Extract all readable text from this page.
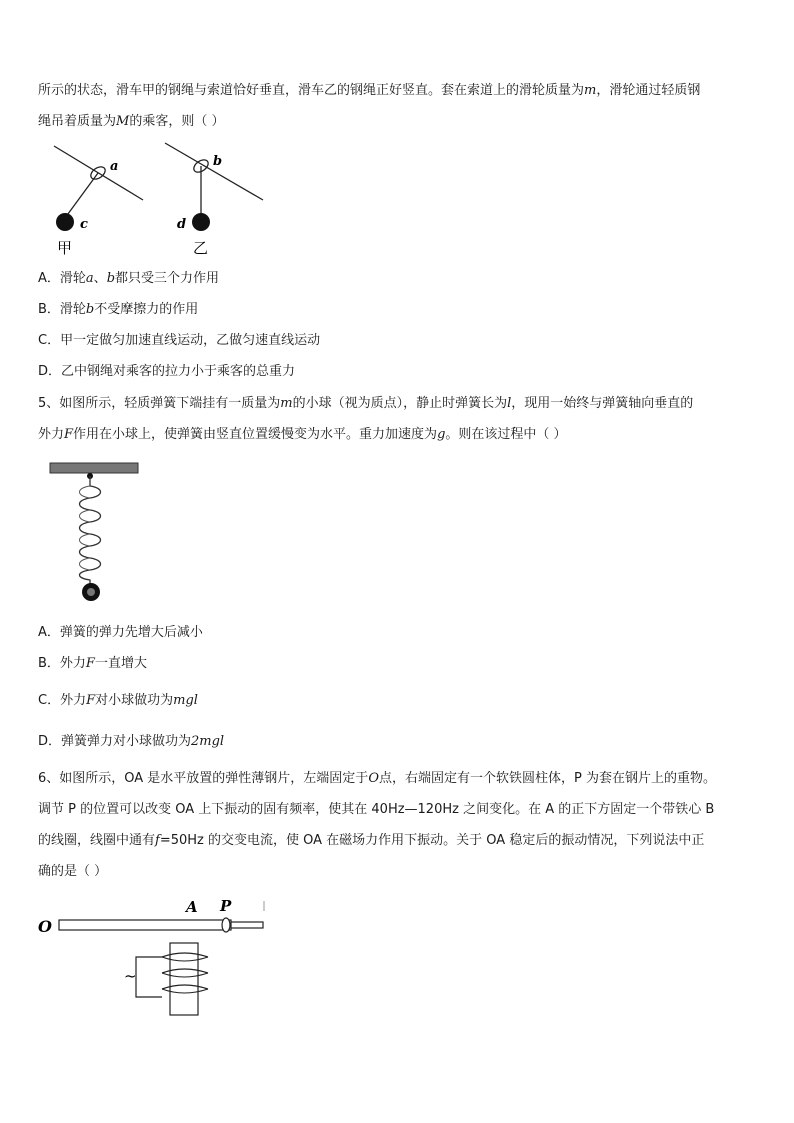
所示的状态，滑车甲的钢绳与索道恰好垂直，滑车乙的钢绳正好竖直。套在索道上的滑轮质量为m，滑轮通过轻质钢
绳吊着质量为M的乘客，则（ ）
a
c
甲
b
d
乙
A．滑轮a、b都只受三个力作用
B．滑轮b不受摩擦力的作用
C．甲一定做匀加速直线运动，乙做匀速直线运动
D．乙中钢绳对乘客的拉力小于乘客的总重力
5、如图所示，轻质弹簧下端挂有一质量为m的小球（视为质点），静止时弹簧长为l，现用一始终与弹簧轴向垂直的
外力F作用在小球上，使弹簧由竖直位置缓慢变为水平。重力加速度为g。则在该过程中（ ）
A．弹簧的弹力先增大后减小
B．外力F一直增大
C．外力F对小球做功为mgl
D．弹簧弹力对小球做功为2mgl
6、如图所示，OA 是水平放置的弹性薄钢片，左端固定于O点，右端固定有一个软铁圆柱体，P 为套在钢片上的重物。
调节 P 的位置可以改变 OA 上下振动的固有频率，使其在 40Hz—120Hz 之间变化。在 A 的正下方固定一个带铁心 B
的线圈，线圈中通有f=50Hz 的交变电流，使 OA 在磁场力作用下振动。关于 OA 稳定后的振动情况，下列说法中正
确的是（ ）
O
A P
~
